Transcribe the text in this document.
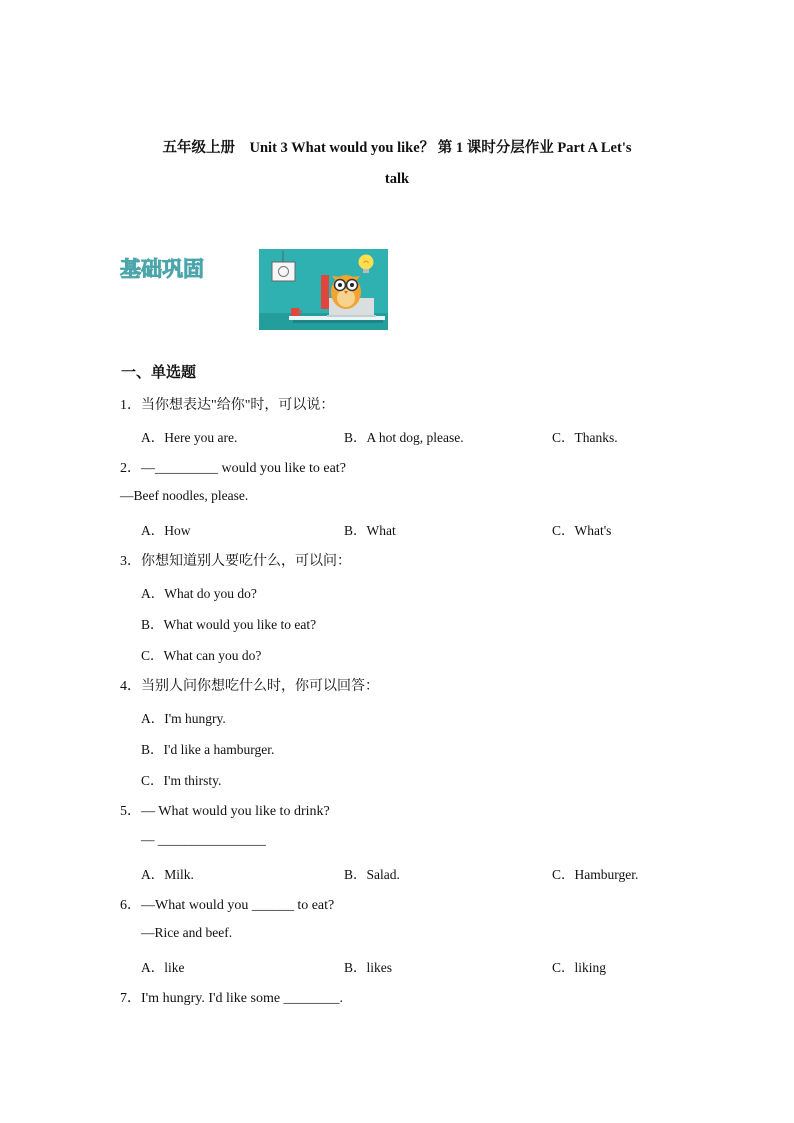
五年级上册　Unit 3 What would you like？ 第 1 课时分层作业 Part A Let's
talk
基础巩固
一、单选题
1．当你想表达"给你"时，可以说：
A．Here you are.	B．A hot dog, please.	C．Thanks.
2．—_________ would you like to eat?
—Beef noodles, please.
A．How	B．What	C．What's
3．你想知道别人要吃什么，可以问：
A．What do you do?
B．What would you like to eat?
C．What can you do?
4．当别人问你想吃什么时，你可以回答：
A．I'm hungry.
B．I'd like a hamburger.
C．I'm thirsty.
5．— What would you like to drink?
— ________________
A．Milk.	B．Salad.	C．Hamburger.
6．—What would you ______ to eat?
—Rice and beef.
A．like	B．likes	C．liking
7．I'm hungry. I'd like some ________.
